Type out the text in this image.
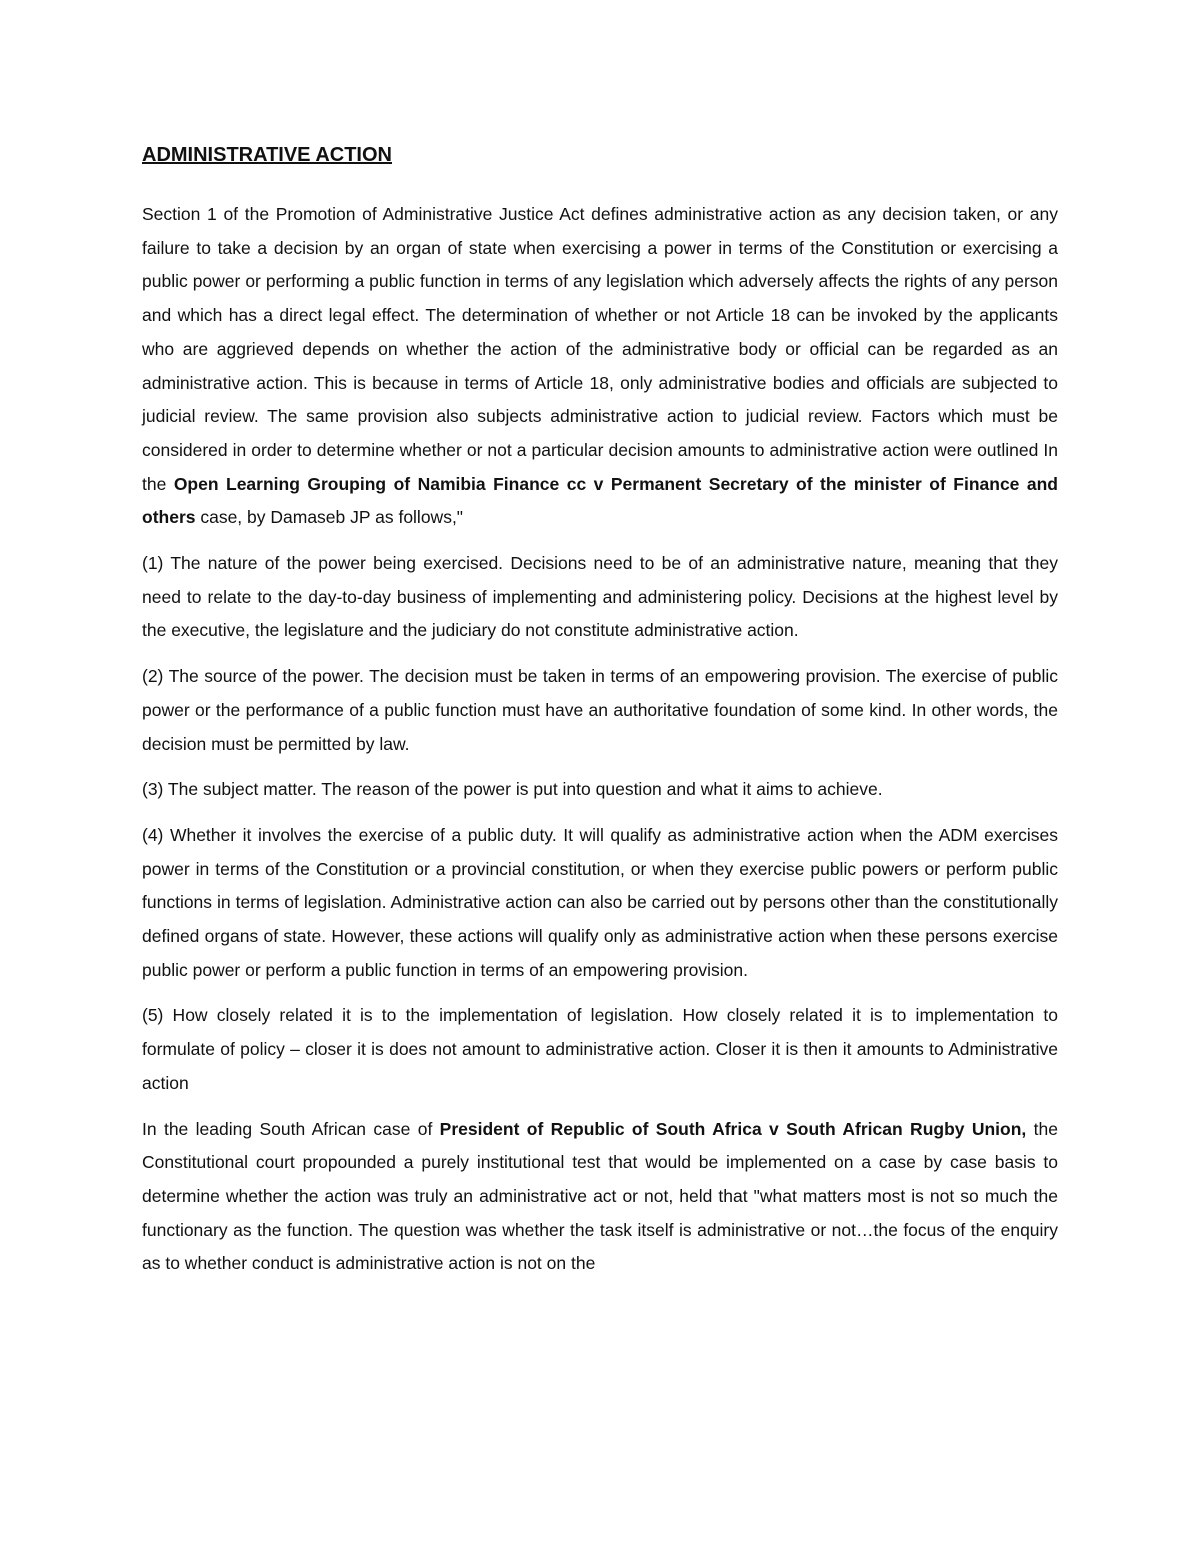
ADMINISTRATIVE ACTION

Section 1 of the Promotion of Administrative Justice Act defines administrative action as any decision taken, or any failure to take a decision by an organ of state when exercising a power in terms of the Constitution or exercising a public power or performing a public function in terms of any legislation which adversely affects the rights of any person and which has a direct legal effect. The determination of whether or not Article 18 can be invoked by the applicants who are aggrieved depends on whether the action of the administrative body or official can be regarded as an administrative action. This is because in terms of Article 18, only administrative bodies and officials are subjected to judicial review. The same provision also subjects administrative action to judicial review. Factors which must be considered in order to determine whether or not a particular decision amounts to administrative action were outlined In the Open Learning Grouping of Namibia Finance cc v Permanent Secretary of the minister of Finance and others case, by Damaseb JP as follows,"

(1) The nature of the power being exercised. Decisions need to be of an administrative nature, meaning that they need to relate to the day-to-day business of implementing and administering policy. Decisions at the highest level by the executive, the legislature and the judiciary do not constitute administrative action.

(2) The source of the power. The decision must be taken in terms of an empowering provision. The exercise of public power or the performance of a public function must have an authoritative foundation of some kind. In other words, the decision must be permitted by law.

(3) The subject matter. The reason of the power is put into question and what it aims to achieve.

(4) Whether it involves the exercise of a public duty. It will qualify as administrative action when the ADM exercises power in terms of the Constitution or a provincial constitution, or when they exercise public powers or perform public functions in terms of legislation. Administrative action can also be carried out by persons other than the constitutionally defined organs of state. However, these actions will qualify only as administrative action when these persons exercise public power or perform a public function in terms of an empowering provision.

(5) How closely related it is to the implementation of legislation. How closely related it is to implementation to formulate of policy – closer it is does not amount to administrative action. Closer it is then it amounts to Administrative action

In the leading South African case of President of Republic of South Africa v South African Rugby Union, the Constitutional court propounded a purely institutional test that would be implemented on a case by case basis to determine whether the action was truly an administrative act or not, held that "what matters most is not so much the functionary as the function. The question was whether the task itself is administrative or not…the focus of the enquiry as to whether conduct is administrative action is not on the
